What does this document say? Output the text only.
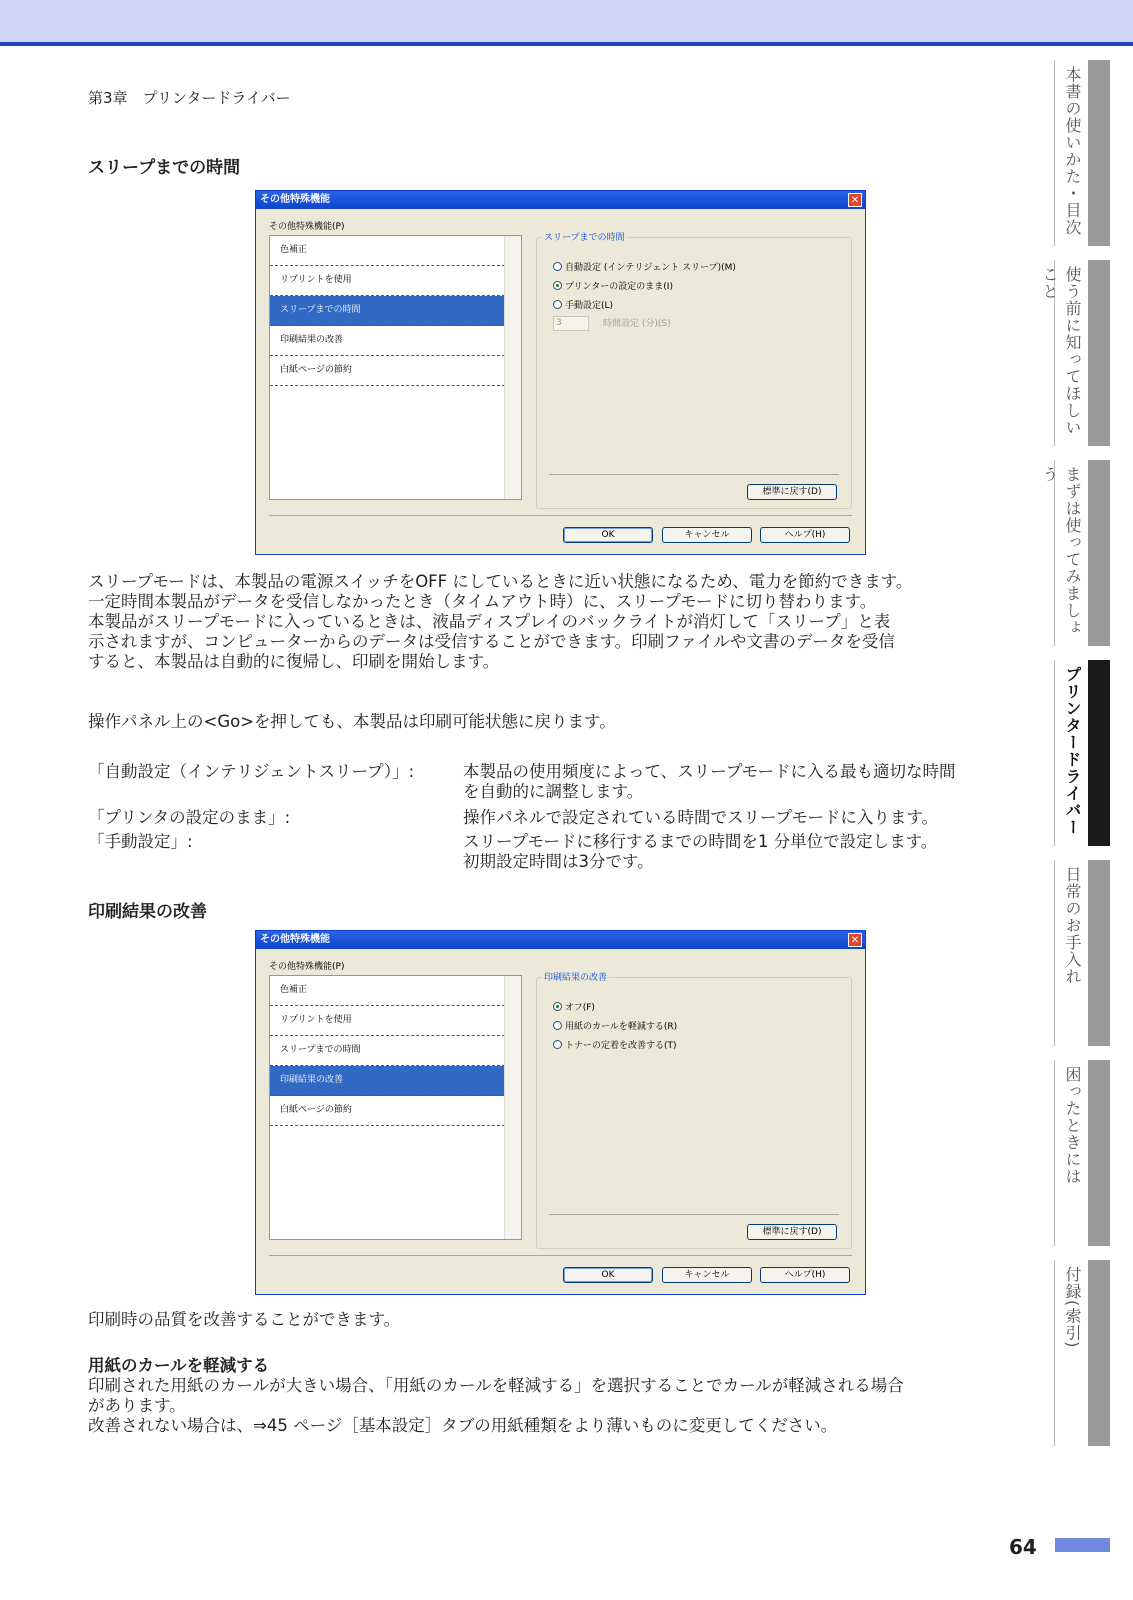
第3章　プリンタードライバー	本書の使いかた・目次
使う前に知ってほしいこと
まずは使ってみましょう
プリンタードライバー
日常のお手入れ
困ったときには
付録(索引)
スリープまでの時間
その他特殊機能	✕
その他特殊機能(P)
色補正
リプリントを使用
スリープまでの時間
印刷結果の改善
白紙ページの節約
スリープまでの時間
自動設定 (インテリジェント スリープ)(M)
プリンターの設定のまま(I)
手動設定(L)
3	時間設定 (分)(S)
標準に戻す(D)
OK	キャンセル	ヘルプ(H)
スリープモードは、本製品の電源スイッチをOFF にしているときに近い状態になるため、電力を節約できます。
一定時間本製品がデータを受信しなかったとき（タイムアウト時）に、スリープモードに切り替わります。
本製品がスリープモードに入っているときは、液晶ディスプレイのバックライトが消灯して「スリープ」と表
示されますが、コンピューターからのデータは受信することができます。印刷ファイルや文書のデータを受信
すると、本製品は自動的に復帰し、印刷を開始します。
操作パネル上の<Go>を押しても、本製品は印刷可能状態に戻ります。
「自動設定（インテリジェントスリープ）」:	本製品の使用頻度によって、スリープモードに入る最も適切な時間
を自動的に調整します。
「プリンタの設定のまま」:	操作パネルで設定されている時間でスリープモードに入ります。
「手動設定」:	スリープモードに移行するまでの時間を1 分単位で設定します。
初期設定時間は3分です。
印刷結果の改善
その他特殊機能	✕
その他特殊機能(P)
色補正
リプリントを使用
スリープまでの時間
印刷結果の改善
白紙ページの節約
印刷結果の改善
オフ(F)
用紙のカールを軽減する(R)
トナーの定着を改善する(T)
標準に戻す(D)
OK	キャンセル	ヘルプ(H)
印刷時の品質を改善することができます。
用紙のカールを軽減する
印刷された用紙のカールが大きい場合、「用紙のカールを軽減する」を選択することでカールが軽減される場合
があります。
改善されない場合は、⇒45 ページ［基本設定］タブの用紙種類をより薄いものに変更してください。
64
